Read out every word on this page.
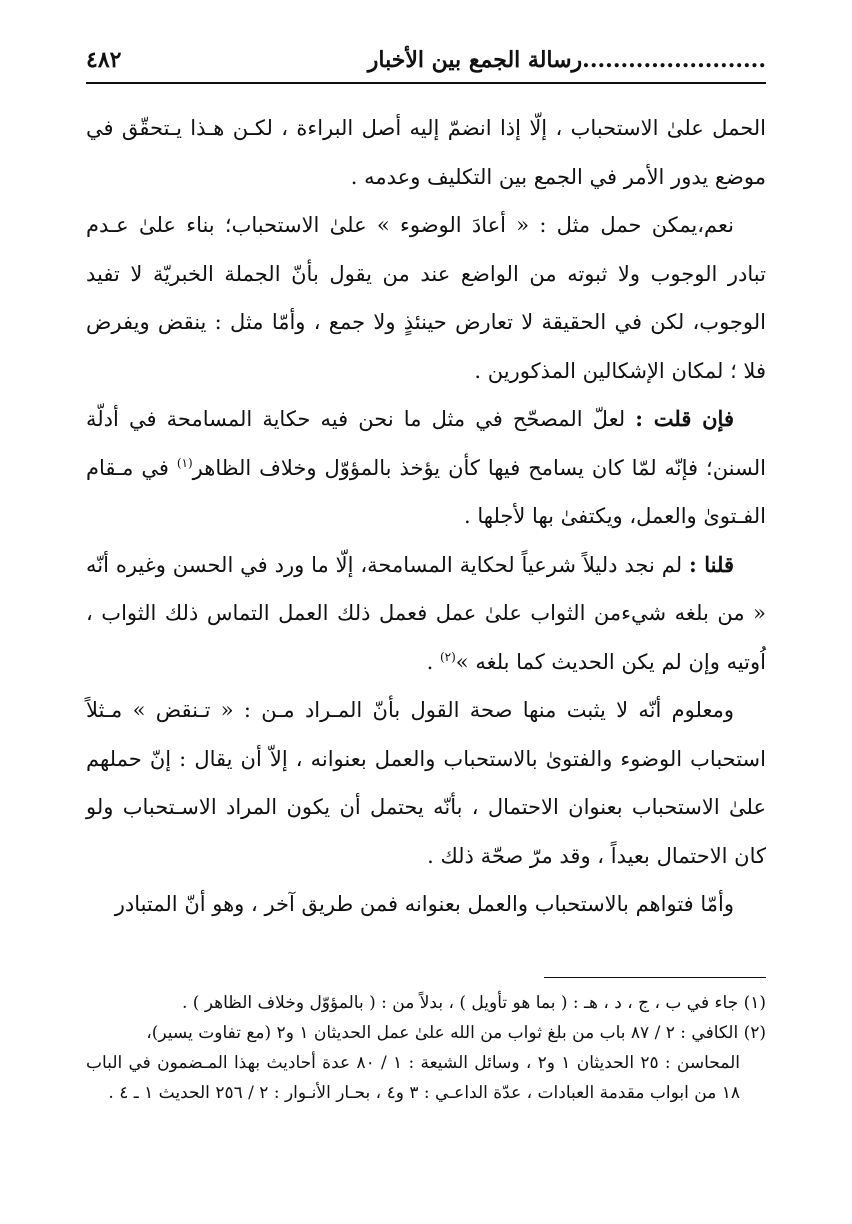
........................رسالة الجمع بين الأخبار
٤٨٢

الحمل علىٰ الاستحباب ، إلّا إذا انضمّ إليه أصل البراءة ، لكـن هـذا يـتحقّق في موضع يدور الأمر في الجمع بين التكليف وعدمه .

نعم،يمكن حمل مثل : « أعادَ الوضوء » علىٰ الاستحباب؛ بناء علىٰ عـدم تبادر الوجوب ولا ثبوته من الواضع عند من يقول بأنّ الجملة الخبريّة لا تفيد الوجوب، لكن في الحقيقة لا تعارض حينئذٍ ولا جمع ، وأمّا مثل : ينقض ويفرض فلا ؛ لمكان الإشكالين المذكورين .

فإن قلت : لعلّ المصحّح في مثل ما نحن فيه حكاية المسامحة في أدلّة السنن؛ فإنّه لمّا كان يسامح فيها كأن يؤخذ بالمؤوّل وخلاف الظاهر$^{(١)}$ في مـقام الفـتوىٰ والعمل، ويكتفىٰ بها لأجلها .

قلنا : لم نجد دليلاً شرعياً لحكاية المسامحة، إلّا ما ورد في الحسن وغيره أنّه « من بلغه شيءمن الثواب علىٰ عمل فعمل ذلك العمل التماس ذلك الثواب ، اُوتيه وإن لم يكن الحديث كما بلغه »$^{(٢)}$ .

ومعلوم أنّه لا يثبت منها صحة القول بأنّ المـراد مـن : « تـنقض » مـثلاً استحباب الوضوء والفتوىٰ بالاستحباب والعمل بعنوانه ، إلاّ أن يقال : إنّ حملهم علىٰ الاستحباب بعنوان الاحتمال ، بأنّه يحتمل أن يكون المراد الاسـتحباب ولو كان الاحتمال بعيداً ، وقد مرّ صحّة ذلك .

وأمّا فتواهم بالاستحباب والعمل بعنوانه فمن طريق آخر ، وهو أنّ المتبادر

(١) جاء في ب ، ج ، د ، هـ : ( بما هو تأويل ) ، بدلاً من : ( بالمؤوّل وخلاف الظاهر ) .

(٢) الكافي : ٢ / ٨٧ باب من بلغ ثواب من الله علىٰ عمل الحديثان ١ و٢ (مع تفاوت يسير)،

المحاسن : ٢٥ الحديثان ١ و٢ ، وسائل الشيعة : ١ / ٨٠ عدة أحاديث بهذا المـضمون في الباب ١٨ من ابواب مقدمة العبادات ، عدّة الداعـي : ٣ و٤ ، بحـار الأنـوار : ٢ / ٢٥٦ الحديث ١ ـ ٤ .
